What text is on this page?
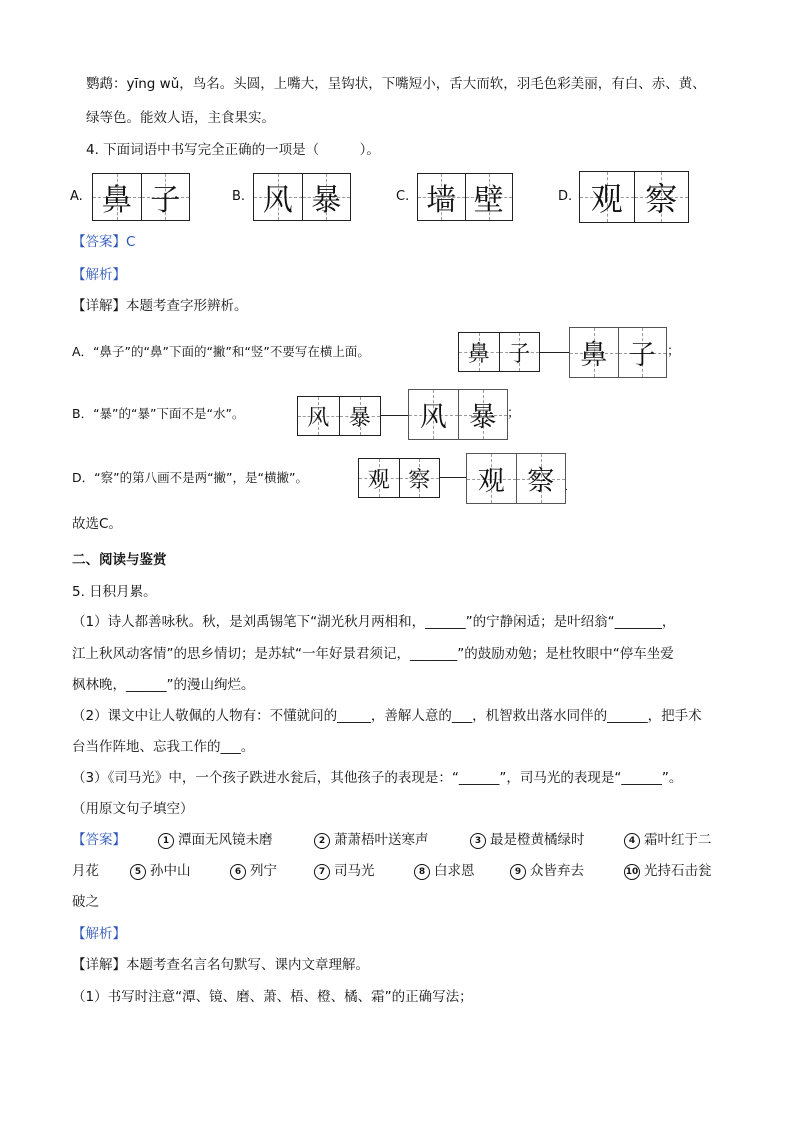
鹦鹉：yīng wǔ，鸟名。头圆，上嘴大，呈钩状，下嘴短小，舌大而软，羽毛色彩美丽，有白、赤、黄、
绿等色。能效人语，主食果实。
4. 下面词语中书写完全正确的一项是（　　　）。
A. 鼻 子	B. 风 暴	C. 墙 壁	D. 观 察
【答案】C
【解析】
【详解】本题考查字形辨析。
A．“鼻子”的“鼻”下面的“撇”和“竖”不要写在横上面。	鼻 子 鼻 子 ；
B．“暴”的“暴”下面不是“水”。	风 暴 风 暴 ；
D．“察”的第八画不是两“撇”，是“横撇”。	观 察 观 察 .
故选C。
二、阅读与鉴赏
5. 日积月累。
（1）诗人都善咏秋。秋，是刘禹锡笔下“湖光秋月两相和，______”的宁静闲适；是叶绍翁“_______，
江上秋风动客情”的思乡情切；是苏轼“一年好景君须记，_______”的鼓励劝勉；是杜牧眼中“停车坐爱
枫林晚，______”的漫山绚烂。
（2）课文中让人敬佩的人物有：不懂就问的_____，善解人意的___，机智救出落水同伴的______，把手术
台当作阵地、忘我工作的___。
（3）《司马光》中，一个孩子跌进水瓮后，其他孩子的表现是：“______”，司马光的表现是“______”。
（用原文句子填空）
【答案】	1 潭面无风镜未磨	2 萧萧梧叶送寒声	3 最是橙黄橘绿时	4 霜叶红于二
月花	5 孙中山	6 列宁	7 司马光	8 白求恩	9 众皆弃去	10 光持石击瓮
破之
【解析】
【详解】本题考查名言名句默写、课内文章理解。
（1）书写时注意“潭、镜、磨、萧、梧、橙、橘、霜”的正确写法；
